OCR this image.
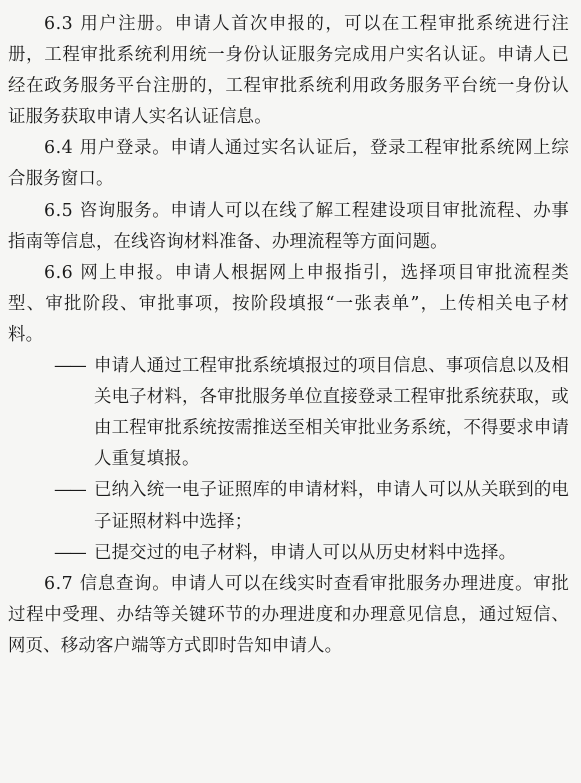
6.3 用户注册。申请人首次申报的，可以在工程审批系统进行注册，工程审批系统利用统一身份认证服务完成用户实名认证。申请人已经在政务服务平台注册的，工程审批系统利用政务服务平台统一身份认证服务获取申请人实名认证信息。
6.4 用户登录。申请人通过实名认证后，登录工程审批系统网上综合服务窗口。
6.5 咨询服务。申请人可以在线了解工程建设项目审批流程、办事指南等信息，在线咨询材料准备、办理流程等方面问题。
6.6 网上申报。申请人根据网上申报指引，选择项目审批流程类型、审批阶段、审批事项，按阶段填报“一张表单”，上传相关电子材料。
—— 申请人通过工程审批系统填报过的项目信息、事项信息以及相关电子材料，各审批服务单位直接登录工程审批系统获取，或由工程审批系统按需推送至相关审批业务系统，不得要求申请人重复填报。
—— 已纳入统一电子证照库的申请材料，申请人可以从关联到的电子证照材料中选择；
—— 已提交过的电子材料，申请人可以从历史材料中选择。
6.7 信息查询。申请人可以在线实时查看审批服务办理进度。审批过程中受理、办结等关键环节的办理进度和办理意见信息，通过短信、网页、移动客户端等方式即时告知申请人。
